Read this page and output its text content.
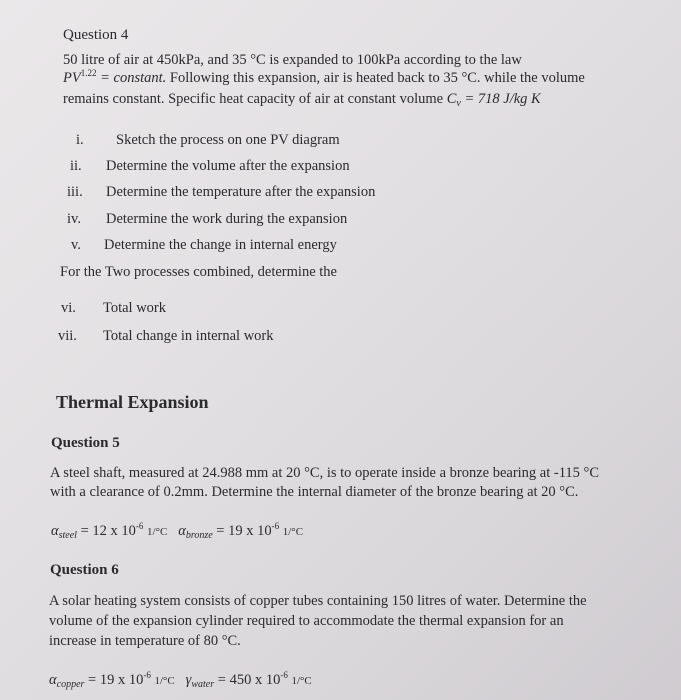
Question 4
50 litre of air at 450kPa, and 35 °C is expanded to 100kPa according to the law
$PV^{1.22}$ = constant. Following this expansion, air is heated back to 35 °C. while the volume
remains constant. Specific heat capacity of air at constant volume $C_v = 718$ J/kg K
i. Sketch the process on one PV diagram
ii. Determine the volume after the expansion
iii. Determine the temperature after the expansion
iv. Determine the work during the expansion
v. Determine the change in internal energy
For the Two processes combined, determine the
vi. Total work
vii. Total change in internal work
Thermal Expansion
Question 5
A steel shaft, measured at 24.988 mm at 20 °C, is to operate inside a bronze bearing at -115 °C
with a clearance of 0.2mm. Determine the internal diameter of the bronze bearing at 20 °C.
$\alpha_{steel} = 12$ x $10^{-6}$ 1/°C $\alpha_{bronze} = 19$ x $10^{-6}$ 1/°C
Question 6
A solar heating system consists of copper tubes containing 150 litres of water. Determine the
volume of the expansion cylinder required to accommodate the thermal expansion for an
increase in temperature of 80 °C.
$\alpha_{copper} = 19$ x $10^{-6}$ 1/°C $\gamma_{water} = 450$ x $10^{-6}$ 1/°C
